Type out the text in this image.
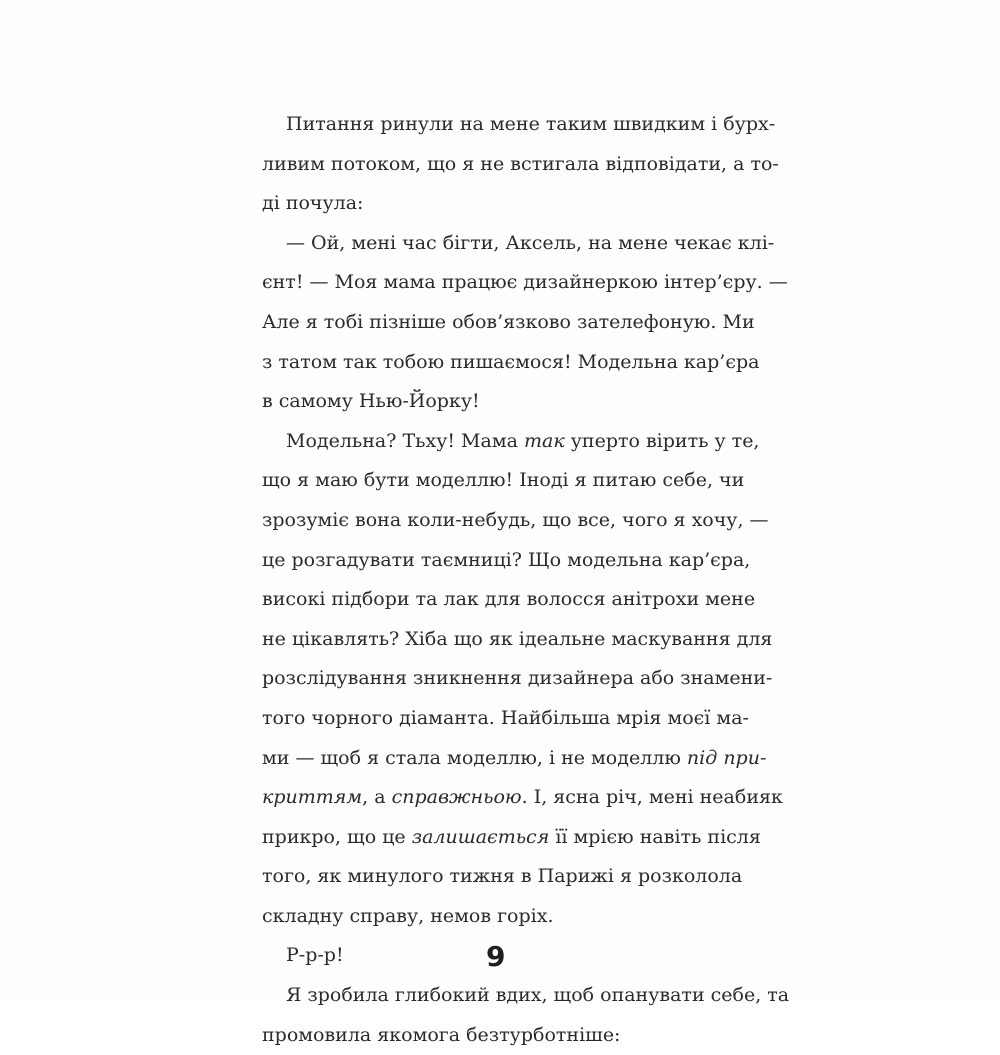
Питання ринули на мене таким швидким і бурх-
ливим потоком, що я не встигала відповідати, а то-
ді почула:
— Ой, мені час бігти, Аксель, на мене чекає клі-
єнт! — Моя мама працює дизайнеркою інтер’єру. —
Але я тобі пізніше обов’язково зателефоную. Ми
з татом так тобою пишаємося! Модельна кар’єра
в самому Нью-Йорку!
Модельна? Тьху! Мама так уперто вірить у те,
що я маю бути моделлю! Іноді я питаю себе, чи
зрозуміє вона коли-небудь, що все, чого я хочу, —
це розгадувати таємниці? Що модельна кар’єра,
високі підбори та лак для волосся анітрохи мене
не цікавлять? Хіба що як ідеальне маскування для
розслідування зникнення дизайнера або знамени-
того чорного діаманта. Найбільша мрія моєї ма-
ми — щоб я стала моделлю, і не моделлю під при-
криттям, а справжньою. І, ясна річ, мені неабияк
прикро, що це залишається її мрією навіть після
того, як минулого тижня в Парижі я розколола
складну справу, немов горіх.
Р-р-р!
Я зробила глибокий вдих, щоб опанувати себе, та
промовила якомога безтурботніше:
9
